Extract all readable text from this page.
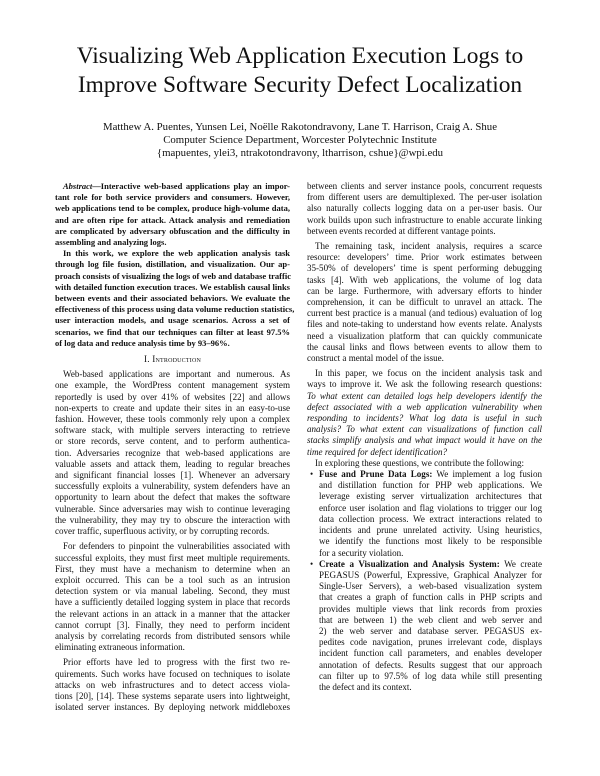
Visualizing Web Application Execution Logs to
Improve Software Security Defect Localization
Matthew A. Puentes, Yunsen Lei, Noëlle Rakotondravony, Lane T. Harrison, Craig A. Shue
Computer Science Department, Worcester Polytechnic Institute
{mapuentes, ylei3, ntrakotondravony, ltharrison, cshue}@wpi.edu
Abstract—Interactive web-based applications play an impor-
tant role for both service providers and consumers. However,
web applications tend to be complex, produce high-volume data,
and are often ripe for attack. Attack analysis and remediation
are complicated by adversary obfuscation and the difficulty in
assembling and analyzing logs.
In this work, we explore the web application analysis task
through log file fusion, distillation, and visualization. Our ap-
proach consists of visualizing the logs of web and database traffic
with detailed function execution traces. We establish causal links
between events and their associated behaviors. We evaluate the
effectiveness of this process using data volume reduction statistics,
user interaction models, and usage scenarios. Across a set of
scenarios, we find that our techniques can filter at least 97.5%
of log data and reduce analysis time by 93–96%.
I. Introduction
Web-based applications are important and numerous. As
one example, the WordPress content management system
reportedly is used by over 41% of websites [22] and allows
non-experts to create and update their sites in an easy-to-use
fashion. However, these tools commonly rely upon a complex
software stack, with multiple servers interacting to retrieve
or store records, serve content, and to perform authentica-
tion. Adversaries recognize that web-based applications are
valuable assets and attack them, leading to regular breaches
and significant financial losses [1]. Whenever an adversary
successfully exploits a vulnerability, system defenders have an
opportunity to learn about the defect that makes the software
vulnerable. Since adversaries may wish to continue leveraging
the vulnerability, they may try to obscure the interaction with
cover traffic, superfluous activity, or by corrupting records.
For defenders to pinpoint the vulnerabilities associated with
successful exploits, they must first meet multiple requirements.
First, they must have a mechanism to determine when an
exploit occurred. This can be a tool such as an intrusion
detection system or via manual labeling. Second, they must
have a sufficiently detailed logging system in place that records
the relevant actions in an attack in a manner that the attacker
cannot corrupt [3]. Finally, they need to perform incident
analysis by correlating records from distributed sensors while
eliminating extraneous information.
Prior efforts have led to progress with the first two re-
quirements. Such works have focused on techniques to isolate
attacks on web infrastructures and to detect access viola-
tions [20], [14]. These systems separate users into lightweight,
isolated server instances. By deploying network middleboxes
between clients and server instance pools, concurrent requests
from different users are demultiplexed. The per-user isolation
also naturally collects logging data on a per-user basis. Our
work builds upon such infrastructure to enable accurate linking
between events recorded at different vantage points.
The remaining task, incident analysis, requires a scarce
resource: developers’ time. Prior work estimates between
35-50% of developers’ time is spent performing debugging
tasks [4]. With web applications, the volume of log data
can be large. Furthermore, with adversary efforts to hinder
comprehension, it can be difficult to unravel an attack. The
current best practice is a manual (and tedious) evaluation of log
files and note-taking to understand how events relate. Analysts
need a visualization platform that can quickly communicate
the causal links and flows between events to allow them to
construct a mental model of the issue.
In this paper, we focus on the incident analysis task and
ways to improve it. We ask the following research questions:
To what extent can detailed logs help developers identify the
defect associated with a web application vulnerability when
responding to incidents? What log data is useful in such
analysis? To what extent can visualizations of function call
stacks simplify analysis and what impact would it have on the
time required for defect identification?
In exploring these questions, we contribute the following:
• Fuse and Prune Data Logs: We implement a log fusion
and distillation function for PHP web applications. We
leverage existing server virtualization architectures that
enforce user isolation and flag violations to trigger our log
data collection process. We extract interactions related to
incidents and prune unrelated activity. Using heuristics,
we identify the functions most likely to be responsible
for a security violation.
• Create a Visualization and Analysis System: We create
PEGASUS (Powerful, Expressive, Graphical Analyzer for
Single-User Servers), a web-based visualization system
that creates a graph of function calls in PHP scripts and
provides multiple views that link records from proxies
that are between 1) the web client and web server and
2) the web server and database server. PEGASUS ex-
pedites code navigation, prunes irrelevant code, displays
incident function call parameters, and enables developer
annotation of defects. Results suggest that our approach
can filter up to 97.5% of log data while still presenting
the defect and its context.
